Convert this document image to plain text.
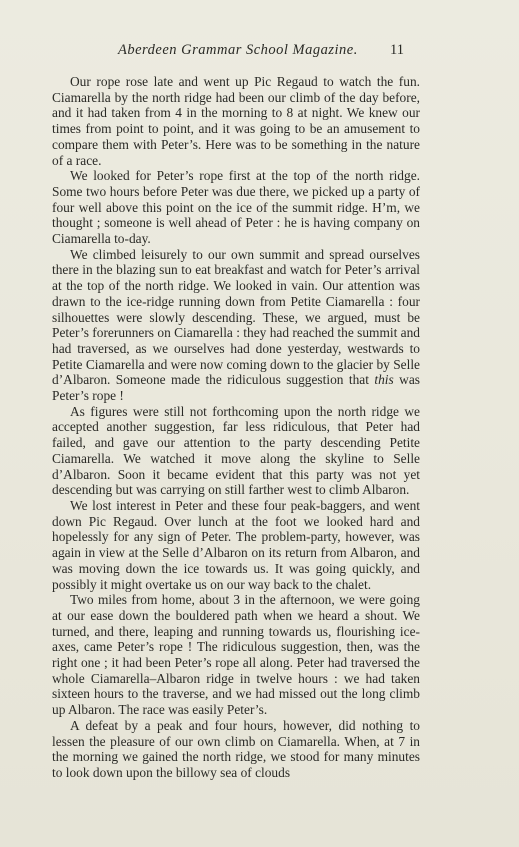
Aberdeen Grammar School Magazine. 11

Our rope rose late and went up Pic Regaud to watch the fun. Ciamarella by the north ridge had been our climb of the day before, and it had taken from 4 in the morning to 8 at night. We knew our times from point to point, and it was going to be an amusement to compare them with Peter’s. Here was to be something in the nature of a race.

We looked for Peter’s rope first at the top of the north ridge. Some two hours before Peter was due there, we picked up a party of four well above this point on the ice of the summit ridge. H’m, we thought ; someone is well ahead of Peter : he is having company on Ciamarella to-day.

We climbed leisurely to our own summit and spread ourselves there in the blazing sun to eat breakfast and watch for Peter’s arrival at the top of the north ridge. We looked in vain. Our attention was drawn to the ice-ridge running down from Petite Ciamarella : four silhouettes were slowly descending. These, we argued, must be Peter’s forerunners on Ciamarella : they had reached the summit and had traversed, as we ourselves had done yesterday, westwards to Petite Ciamarella and were now coming down to the glacier by Selle d’Albaron. Someone made the ridiculous suggestion that this was Peter’s rope !

As figures were still not forthcoming upon the north ridge we accepted another suggestion, far less ridiculous, that Peter had failed, and gave our attention to the party descending Petite Ciamarella. We watched it move along the skyline to Selle d’Albaron. Soon it became evident that this party was not yet descending but was carrying on still farther west to climb Albaron.

We lost interest in Peter and these four peak-baggers, and went down Pic Regaud. Over lunch at the foot we looked hard and hopelessly for any sign of Peter. The problem-party, however, was again in view at the Selle d’Albaron on its return from Albaron, and was moving down the ice towards us. It was going quickly, and possibly it might overtake us on our way back to the chalet.

Two miles from home, about 3 in the afternoon, we were going at our ease down the bouldered path when we heard a shout. We turned, and there, leaping and running towards us, flourishing ice-axes, came Peter’s rope ! The ridiculous suggestion, then, was the right one ; it had been Peter’s rope all along. Peter had traversed the whole Ciamarella–Albaron ridge in twelve hours : we had taken sixteen hours to the traverse, and we had missed out the long climb up Albaron. The race was easily Peter’s.

A defeat by a peak and four hours, however, did nothing to lessen the pleasure of our own climb on Ciamarella. When, at 7 in the morning we gained the north ridge, we stood for many minutes to look down upon the billowy sea of clouds
